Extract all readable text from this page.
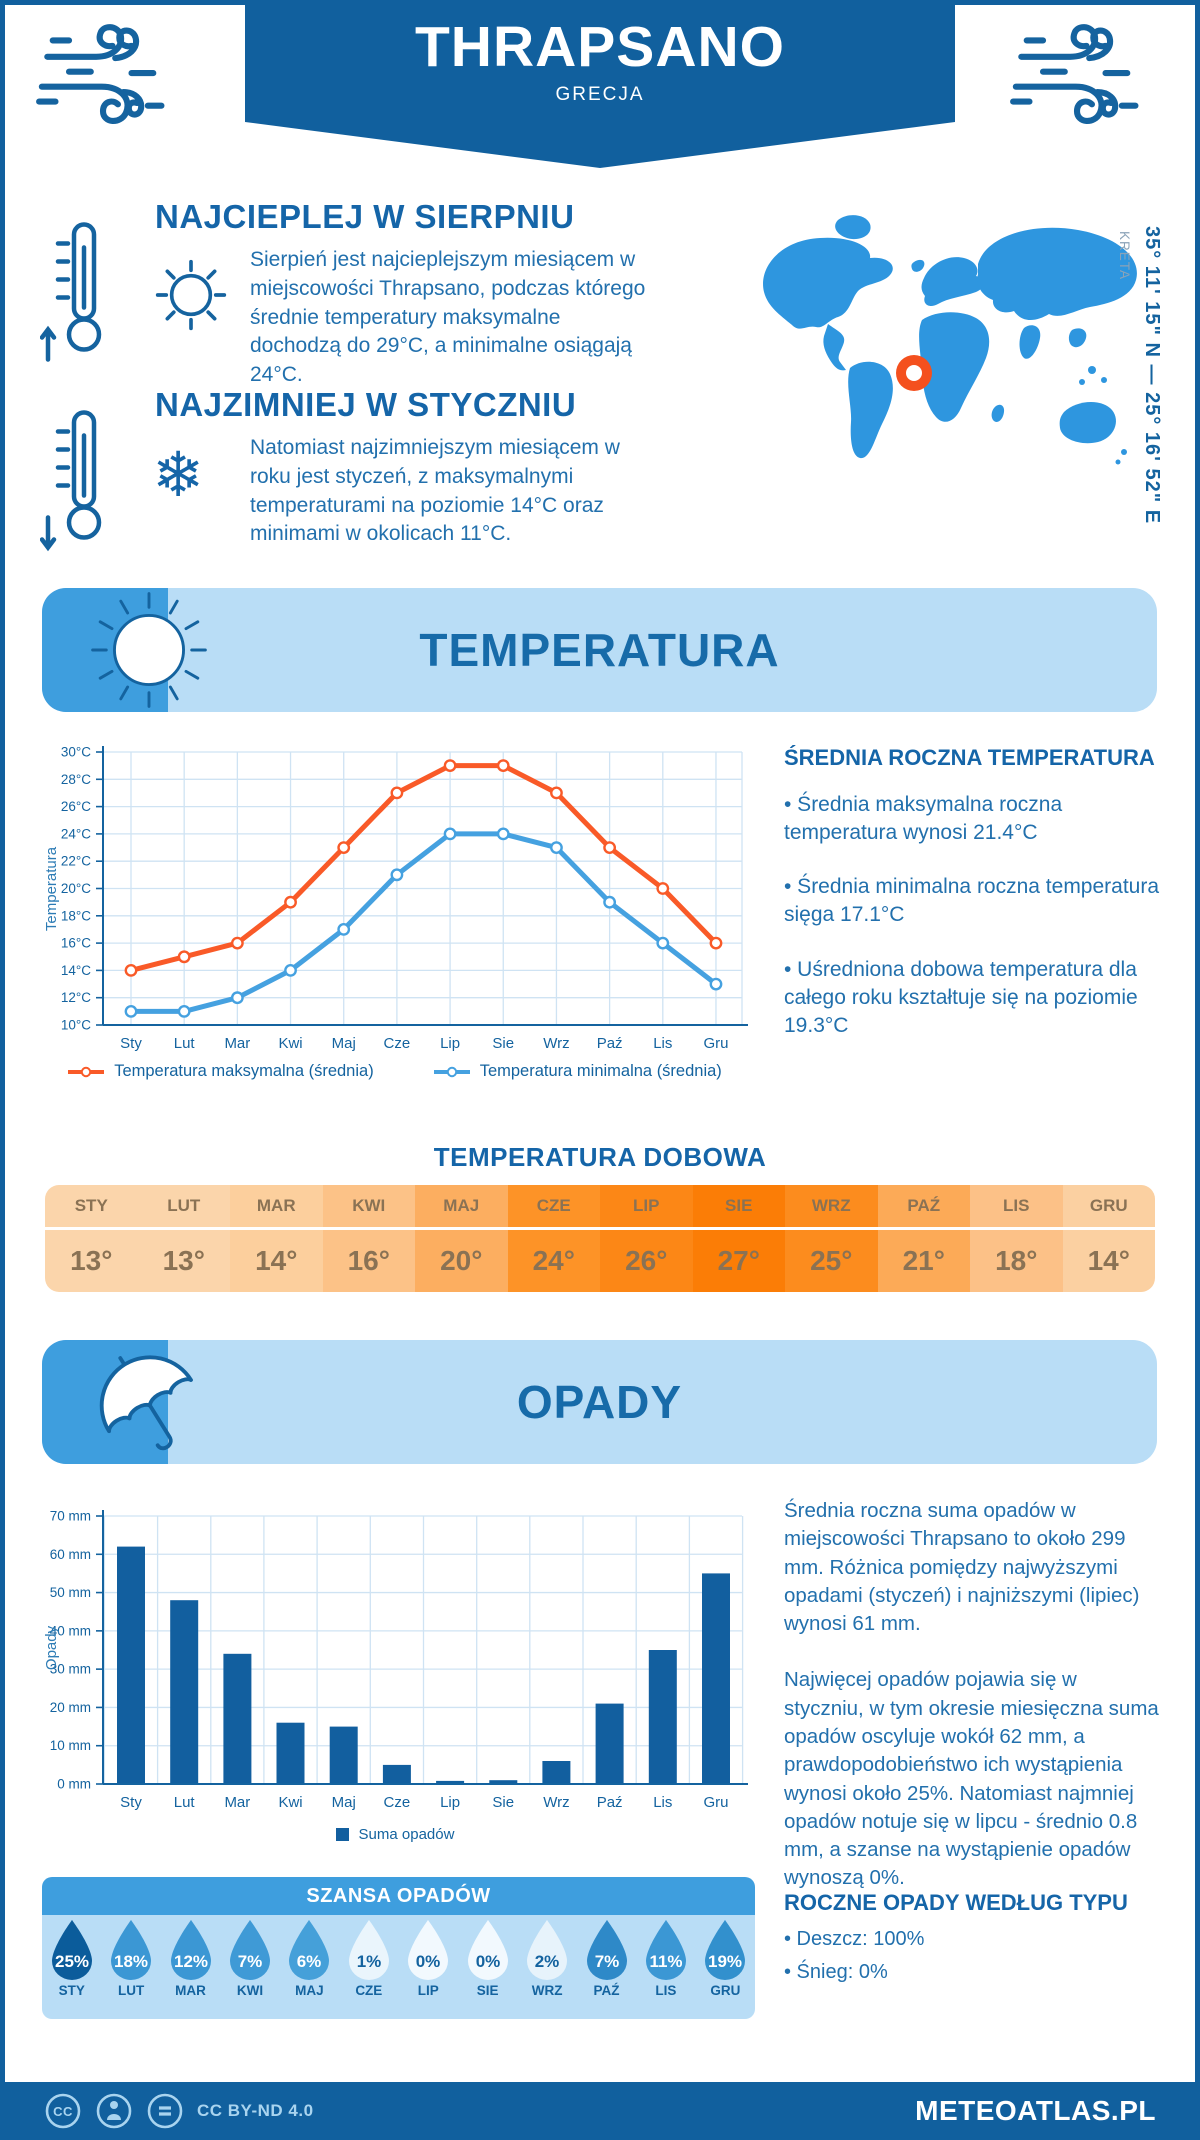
THRAPSANO
GRECJA
NAJCIEPLEJ W SIERPNIU
Sierpień jest najcieplejszym miesiącem w miejscowości Thrapsano, podczas którego średnie temperatury maksymalne dochodzą do 29°C, a minimalne osiągają 24°C.
NAJZIMNIEJ W STYCZNIU
❄ Natomiast najzimniejszym miesiącem w roku jest styczeń, z maksymalnymi temperaturami na poziomie 14°C oraz minimami w okolicach 11°C.
35° 11' 15" N — 25° 16' 52" E
KRETA
TEMPERATURA
30°C
28°C
26°C
24°C
22°C
20°C
18°C
16°C
14°C
12°C
10°C
Sty Lut Mar Kwi Maj Cze Lip Sie Wrz Paź Lis Gru
Temperatura
Temperatura maksymalna (średnia)	Temperatura minimalna (średnia)
TEMPERATURA DOBOWA
STY
13°
LUT
13°
MAR
14°
KWI
16°
MAJ
20°
CZE
24°
LIP
26°
SIE
27°
WRZ
25°
PAŹ
21°
LIS
18°
GRU
14°
OPADY
0 mm
10 mm
20 mm
30 mm
40 mm
50 mm
60 mm
70 mm
Sty Lut Mar Kwi Maj Cze Lip Sie Wrz Paź Lis Gru
Opady
Suma opadów
SZANSA OPADÓW
25%
STY
18%
LUT
12%
MAR
7%
KWI
6%
MAJ
1%
CZE
0%
LIP
0%
SIE
2%
WRZ
7%
PAŹ
11%
LIS
19%
GRU
ŚREDNIA ROCZNA TEMPERATURA

• Średnia maksymalna roczna temperatura wynosi 21.4°C

• Średnia minimalna roczna temperatura sięga 17.1°C

• Uśredniona dobowa temperatura dla całego roku kształtuje się na poziomie 19.3°C

Średnia roczna suma opadów w miejscowości Thrapsano to około 299 mm. Różnica pomiędzy najwyższymi opadami (styczeń) i najniższymi (lipiec) wynosi 61 mm.

Najwięcej opadów pojawia się w styczniu, w tym okresie miesięczna suma opadów oscyluje wokół 62 mm, a prawdopodobieństwo ich wystąpienia wynosi około 25%. Natomiast najmniej opadów notuje się w lipcu - średnio 0.8 mm, a szanse na wystąpienie opadów wynoszą 0%.

ROCZNE OPADY WEDŁUG TYPU

• Deszcz: 100%

• Śnieg: 0%

CC	CC BY-ND 4.0	METEOATLAS.PL
